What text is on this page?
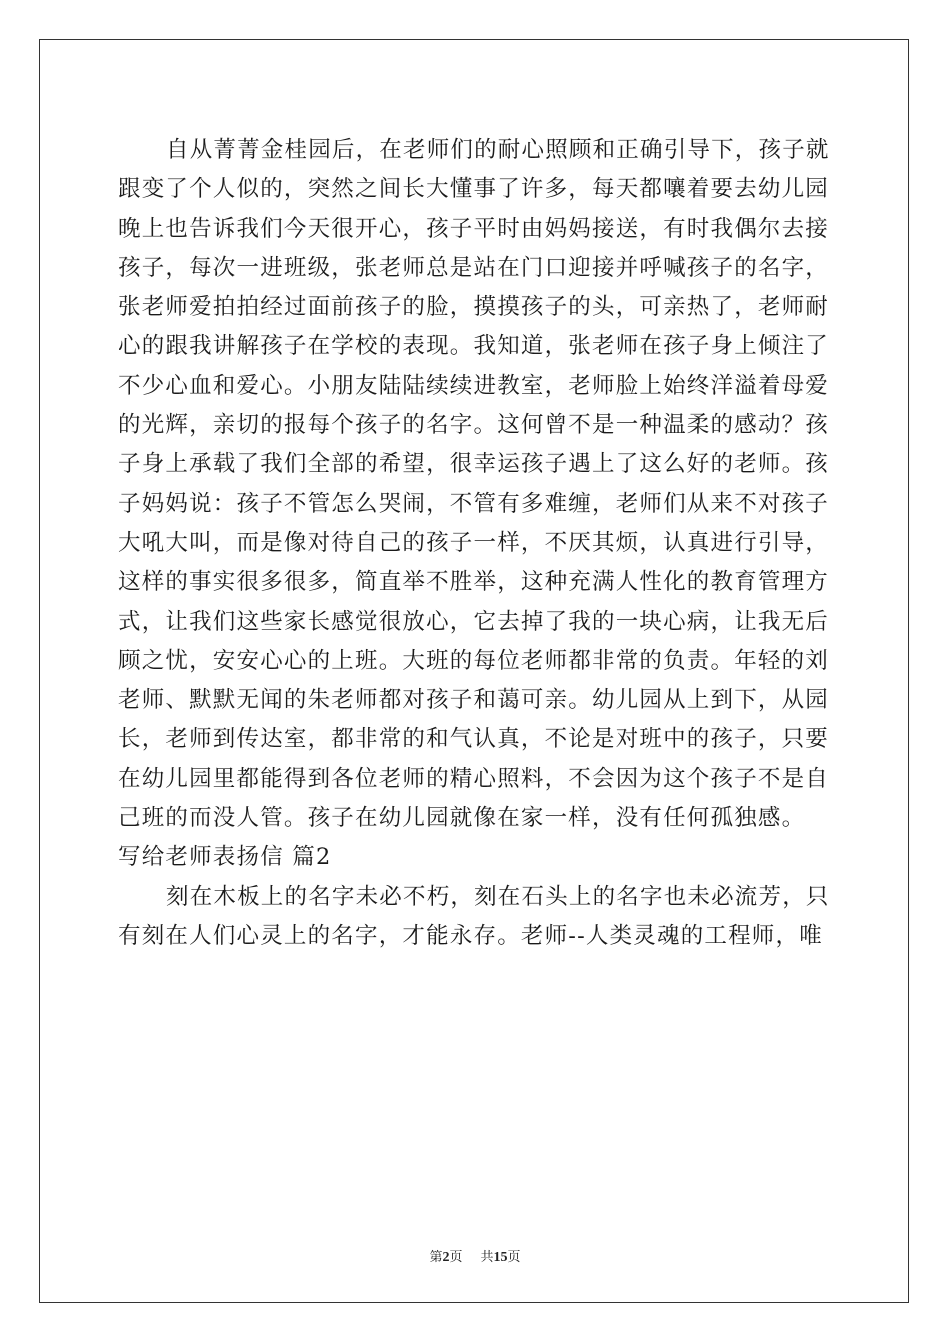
自从菁菁金桂园后，在老师们的耐心照顾和正确引导下，孩子就
跟变了个人似的，突然之间长大懂事了许多，每天都嚷着要去幼儿园
晚上也告诉我们今天很开心，孩子平时由妈妈接送，有时我偶尔去接
孩子，每次一进班级，张老师总是站在门口迎接并呼喊孩子的名字，
张老师爱拍拍经过面前孩子的脸，摸摸孩子的头，可亲热了，老师耐
心的跟我讲解孩子在学校的表现。我知道，张老师在孩子身上倾注了
不少心血和爱心。小朋友陆陆续续进教室，老师脸上始终洋溢着母爱
的光辉，亲切的报每个孩子的名字。这何曾不是一种温柔的感动？孩
子身上承载了我们全部的希望，很幸运孩子遇上了这么好的老师。孩
子妈妈说：孩子不管怎么哭闹，不管有多难缠，老师们从来不对孩子
大吼大叫，而是像对待自己的孩子一样，不厌其烦，认真进行引导，
这样的事实很多很多，简直举不胜举，这种充满人性化的教育管理方
式，让我们这些家长感觉很放心，它去掉了我的一块心病，让我无后
顾之忧，安安心心的上班。大班的每位老师都非常的负责。年轻的刘
老师、默默无闻的朱老师都对孩子和蔼可亲。幼儿园从上到下，从园
长，老师到传达室，都非常的和气认真，不论是对班中的孩子，只要
在幼儿园里都能得到各位老师的精心照料，不会因为这个孩子不是自
己班的而没人管。孩子在幼儿园就像在家一样，没有任何孤独感。
写给老师表扬信 篇2
刻在木板上的名字未必不朽，刻在石头上的名字也未必流芳，只
有刻在人们心灵上的名字，才能永存。老师--人类灵魂的工程师，唯
第2页 共15页
